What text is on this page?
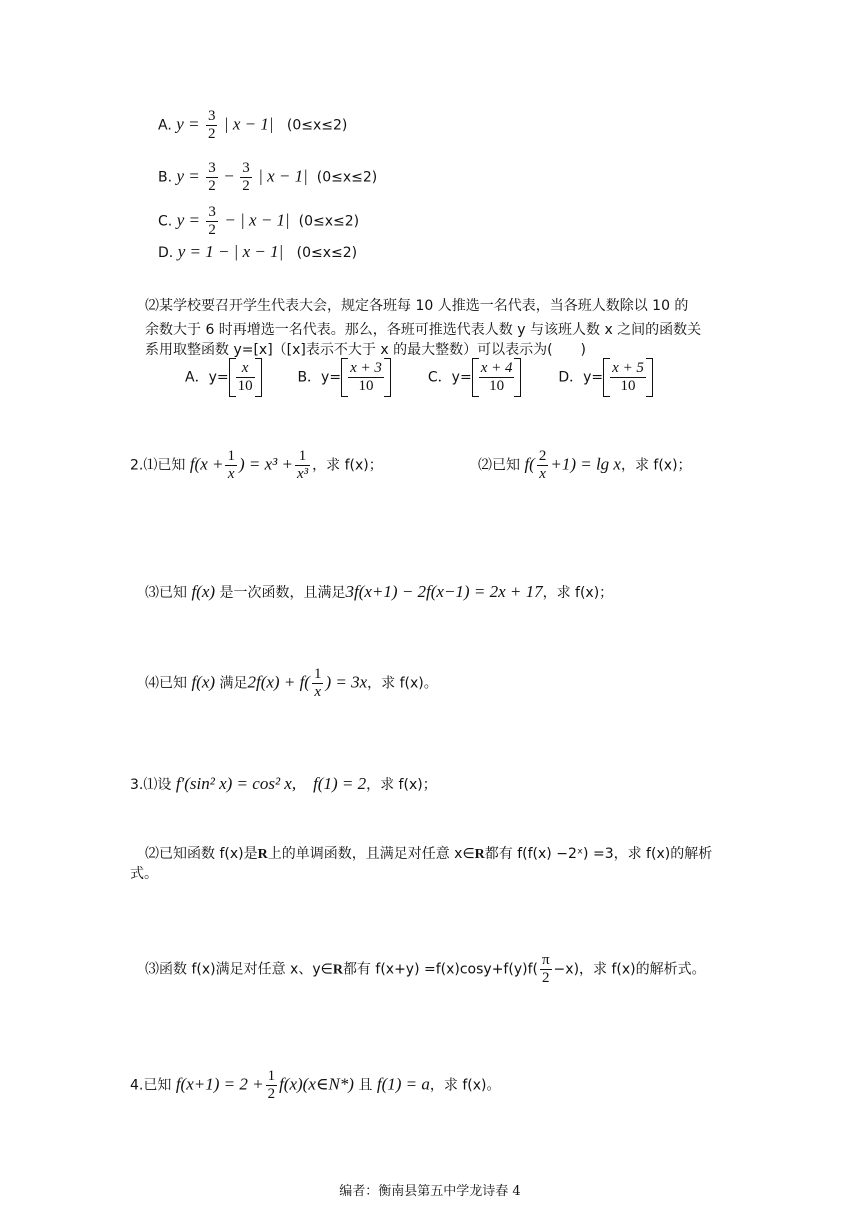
A. $y = \frac{3}{2}$ | x − 1| (0≤x≤2)
B. $y = \frac{3}{2} - \frac{3}{2}$ | x − 1| (0≤x≤2)
C. $y = \frac{3}{2}$ − | x − 1| (0≤x≤2)
D. y = 1 − | x − 1| (0≤x≤2)
⑵某学校要召开学生代表大会，规定各班每 10 人推选一名代表，当各班人数除以 10 的
余数大于 6 时再增选一名代表。那么，各班可推选代表人数 y 与该班人数 x 之间的函数关
系用取整函数 y=[x]（[x]表示不大于 x 的最大整数）可以表示为(　　)
A．$y= \frac{x}{10}$	B．$y= \frac{x + 3}{10}$	C．$y= \frac{x + 4}{10}$	D．$y= \frac{x + 5}{10}$
2.⑴已知 $f(x + \frac{1}{x}$ ) = $x^3 + \frac{1}{\text{x³}}$ ，求 f(x)；	⑵已知 $f( \frac{2}{x} +1) = \lg x$，求 f(x)；
⑶已知 f(x) 是一次函数，且满足3f(x+1) − 2f(x−1) = 2x + 17，求 f(x)；
⑷已知 f(x) 满足$2f(x) + f( \frac{1}{x}$ ) = 3x，求 f(x)。
3.⑴设 f′(sin² x) = cos² x,　f(1) = 2，求 f(x)；
⑵已知函数 f(x)是R上的单调函数，且满足对任意 x∈R都有 f(f(x) −2ˣ) =3，求 f(x)的解析
式。
⑶函数 f(x)满足对任意 x、y∈R都有 $f(x+y) =f(x)\cos y+f(y)f( \frac{\pi}{2} -x)$，求 f(x)的解析式。
4.已知 $f(x+1) = 2 + \frac{1}{2}$ f(x)(x∈N*) 且 f(1) = a，求 f(x)。
编者：衡南县第五中学龙诗春 4
